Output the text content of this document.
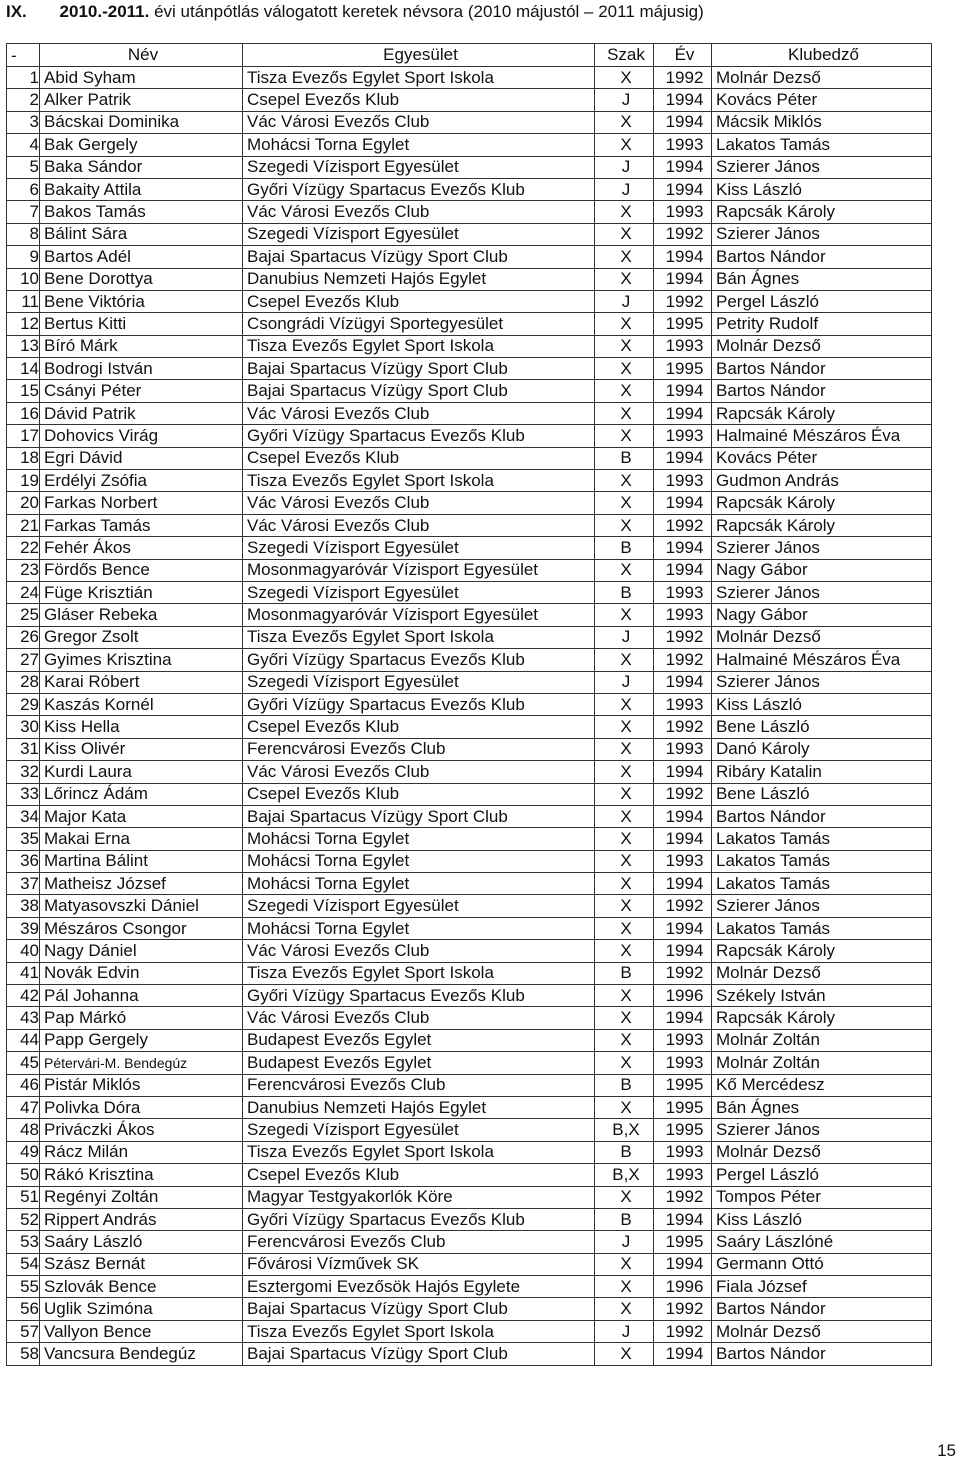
IX. 2010.-2011. évi utánpótlás válogatott keretek névsora (2010 májustól – 2011 májusig)
-	Név	Egyesület	Szak	Év	Klubedző
1	Abid Syham	Tisza Evezős Egylet Sport Iskola	X	1992	Molnár Dezső
2	Alker Patrik	Csepel Evezős Klub	J	1994	Kovács Péter
3	Bácskai Dominika	Vác Városi Evezős Club	X	1994	Mácsik Miklós
4	Bak Gergely	Mohácsi Torna Egylet	X	1993	Lakatos Tamás
5	Baka Sándor	Szegedi Vízisport Egyesület	J	1994	Szierer János
6	Bakaity Attila	Győri Vízügy Spartacus Evezős Klub	J	1994	Kiss László
7	Bakos Tamás	Vác Városi Evezős Club	X	1993	Rapcsák Károly
8	Bálint Sára	Szegedi Vízisport Egyesület	X	1992	Szierer János
9	Bartos Adél	Bajai Spartacus Vízügy Sport Club	X	1994	Bartos Nándor
10	Bene Dorottya	Danubius Nemzeti Hajós Egylet	X	1994	Bán Ágnes
11	Bene Viktória	Csepel Evezős Klub	J	1992	Pergel László
12	Bertus Kitti	Csongrádi Vízügyi Sportegyesület	X	1995	Petrity Rudolf
13	Bíró Márk	Tisza Evezős Egylet Sport Iskola	X	1993	Molnár Dezső
14	Bodrogi István	Bajai Spartacus Vízügy Sport Club	X	1995	Bartos Nándor
15	Csányi Péter	Bajai Spartacus Vízügy Sport Club	X	1994	Bartos Nándor
16	Dávid Patrik	Vác Városi Evezős Club	X	1994	Rapcsák Károly
17	Dohovics Virág	Győri Vízügy Spartacus Evezős Klub	X	1993	Halmainé Mészáros Éva
18	Egri Dávid	Csepel Evezős Klub	B	1994	Kovács Péter
19	Erdélyi Zsófia	Tisza Evezős Egylet Sport Iskola	X	1993	Gudmon András
20	Farkas Norbert	Vác Városi Evezős Club	X	1994	Rapcsák Károly
21	Farkas Tamás	Vác Városi Evezős Club	X	1992	Rapcsák Károly
22	Fehér Ákos	Szegedi Vízisport Egyesület	B	1994	Szierer János
23	Fördős Bence	Mosonmagyaróvár Vízisport Egyesület	X	1994	Nagy Gábor
24	Füge Krisztián	Szegedi Vízisport Egyesület	B	1993	Szierer János
25	Gláser Rebeka	Mosonmagyaróvár Vízisport Egyesület	X	1993	Nagy Gábor
26	Gregor Zsolt	Tisza Evezős Egylet Sport Iskola	J	1992	Molnár Dezső
27	Gyimes Krisztina	Győri Vízügy Spartacus Evezős Klub	X	1992	Halmainé Mészáros Éva
28	Karai Róbert	Szegedi Vízisport Egyesület	J	1994	Szierer János
29	Kaszás Kornél	Győri Vízügy Spartacus Evezős Klub	X	1993	Kiss László
30	Kiss Hella	Csepel Evezős Klub	X	1992	Bene László
31	Kiss Olivér	Ferencvárosi Evezős Club	X	1993	Danó Károly
32	Kurdi Laura	Vác Városi Evezős Club	X	1994	Ribáry Katalin
33	Lőrincz Ádám	Csepel Evezős Klub	X	1992	Bene László
34	Major Kata	Bajai Spartacus Vízügy Sport Club	X	1994	Bartos Nándor
35	Makai Erna	Mohácsi Torna Egylet	X	1994	Lakatos Tamás
36	Martina Bálint	Mohácsi Torna Egylet	X	1993	Lakatos Tamás
37	Matheisz József	Mohácsi Torna Egylet	X	1994	Lakatos Tamás
38	Matyasovszki Dániel	Szegedi Vízisport Egyesület	X	1992	Szierer János
39	Mészáros Csongor	Mohácsi Torna Egylet	X	1994	Lakatos Tamás
40	Nagy Dániel	Vác Városi Evezős Club	X	1994	Rapcsák Károly
41	Novák Edvin	Tisza Evezős Egylet Sport Iskola	B	1992	Molnár Dezső
42	Pál Johanna	Győri Vízügy Spartacus Evezős Klub	X	1996	Székely István
43	Pap Márkó	Vác Városi Evezős Club	X	1994	Rapcsák Károly
44	Papp Gergely	Budapest Evezős Egylet	X	1993	Molnár Zoltán
45	Pétervári-M. Bendegúz	Budapest Evezős Egylet	X	1993	Molnár Zoltán
46	Pistár Miklós	Ferencvárosi Evezős Club	B	1995	Kő Mercédesz
47	Polivka Dóra	Danubius Nemzeti Hajós Egylet	X	1995	Bán Ágnes
48	Priváczki Ákos	Szegedi Vízisport Egyesület	B,X	1995	Szierer János
49	Rácz Milán	Tisza Evezős Egylet Sport Iskola	B	1993	Molnár Dezső
50	Rákó Krisztina	Csepel Evezős Klub	B,X	1993	Pergel László
51	Regényi Zoltán	Magyar Testgyakorlók Köre	X	1992	Tompos Péter
52	Rippert András	Győri Vízügy Spartacus Evezős Klub	B	1994	Kiss László
53	Saáry László	Ferencvárosi Evezős Club	J	1995	Saáry Lászlóné
54	Szász Bernát	Fővárosi Vízművek SK	X	1994	Germann Ottó
55	Szlovák Bence	Esztergomi Evezősök Hajós Egylete	X	1996	Fiala József
56	Uglik Szimóna	Bajai Spartacus Vízügy Sport Club	X	1992	Bartos Nándor
57	Vallyon Bence	Tisza Evezős Egylet Sport Iskola	J	1992	Molnár Dezső
58	Vancsura Bendegúz	Bajai Spartacus Vízügy Sport Club	X	1994	Bartos Nándor
15
